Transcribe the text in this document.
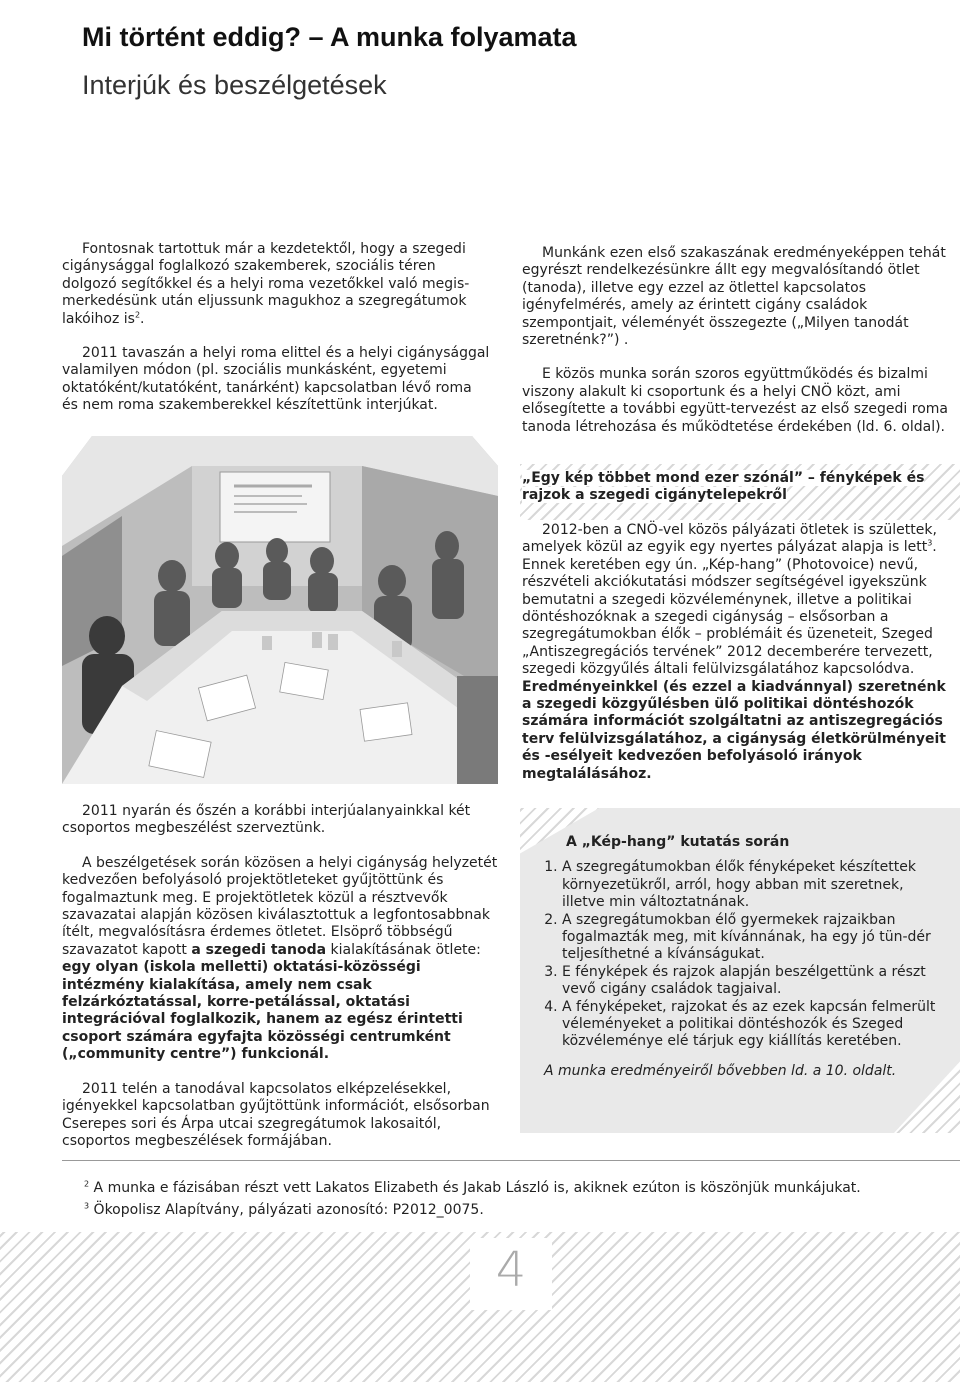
Mi történt eddig? – A munka folyamata
Interjúk és beszélgetések

Fontosnak tartottuk már a kezdetektől, hogy a szegedi cigánysággal foglalkozó szakemberek, szociális téren dolgozó segítőkkel és a helyi roma vezetőkkel való megis-merkedésünk után eljussunk magukhoz a szegregátumok lakóihoz $is^2$.

2011 tavaszán a helyi roma elittel és a helyi cigánysággal valamilyen módon (pl. szociális munkásként, egyetemi oktatóként/kutatóként, tanárként) kapcsolatban lévő roma és nem roma szakemberekkel készítettünk interjúkat.

2011 nyarán és őszén a korábbi interjúalanyainkkal két csoportos megbeszélést szerveztünk.

A beszélgetések során közösen a helyi cigányság helyzetét kedvezően befolyásoló projektötleteket gyűjtöttünk és fogalmaztunk meg. E projektötletek közül a résztvevők szavazatai alapján közösen kiválasztottuk a legfontosabbnak ítélt, megvalósításra érdemes ötletet. Elsöprő többségű szavazatot kapott a szegedi tanoda kialakításának ötlete: egy olyan (iskola melletti) oktatási-közösségi intézmény kialakítása, amely nem csak felzárkóztatással, korre-petálással, oktatási integrációval foglalkozik, hanem az egész érintetti csoport számára egyfajta közösségi centrumként („community centre”) funkcionál.

2011 telén a tanodával kapcsolatos elképzelésekkel, igényekkel kapcsolatban gyűjtöttünk információt, elsősorban Cserepes sori és Árpa utcai szegregátumok lakosaitól, csoportos megbeszélések formájában.

Munkánk ezen első szakaszának eredményeképpen tehát egyrészt rendelkezésünkre állt egy megvalósítandó ötlet (tanoda), illetve egy ezzel az ötlettel kapcsolatos igényfelmérés, amely az érintett cigány családok szempontjait, véleményét összegezte („Milyen tanodát szeretnénk?”) .

E közös munka során szoros együttműködés és bizalmi viszony alakult ki csoportunk és a helyi CNÖ közt, ami elősegítette a további együtt-tervezést az első szegedi roma tanoda létrehozása és működtetése érdekében (ld. 6. oldal).

„Egy kép többet mond ezer szónál” – fényképek és rajzok a szegedi cigánytelepekről

2012-ben a CNÖ-vel közös pályázati ötletek is születtek, amelyek közül az egyik egy nyertes pályázat alapja is lett$^3$. Ennek keretében egy ún. „Kép-hang” (Photovoice) nevű, részvételi akciókutatási módszer segítségével igyekszünk bemutatni a szegedi közvéleménynek, illetve a politikai döntéshozóknak a szegedi cigányság – elsősorban a szegregátumokban élők – problémáit és üzeneteit, Szeged „Antiszegregációs tervének” 2012 decemberére tervezett, szegedi közgyűlés általi felülvizsgálatához kapcsolódva. Eredményeinkkel (és ezzel a kiadvánnyal) szeretnénk a szegedi közgyűlésben ülő politikai döntéshozók számára információt szolgáltatni az antiszegregációs terv felülvizsgálatához, a cigányság életkörülményeit és -esélyeit kedvezően befolyásoló irányok megtalálásához.

A „Kép-hang” kutatás során
1. A szegregátumokban élők fényképeket készítettek környezetükről, arról, hogy abban mit szeretnek, illetve min változtatnának.
2. A szegregátumokban élő gyermekek rajzaikban fogalmazták meg, mit kívánnának, ha egy jó tün-dér teljesíthetné a kívánságukat.
3. E fényképek és rajzok alapján beszélgettünk a részt vevő cigány családok tagjaival.
4. A fényképeket, rajzokat és az ezek kapcsán felmerült véleményeket a politikai döntéshozók és Szeged közvéleménye elé tárjuk egy kiállítás keretében.
A munka eredményeiről bővebben ld. a 10. oldalt.
$^2$ A munka e fázisában részt vett Lakatos Elizabeth és Jakab László is, akiknek ezúton is köszönjük munkájukat.
$^3$ Ökopolisz Alapítvány, pályázati azonosító: P2012_0075.
4
